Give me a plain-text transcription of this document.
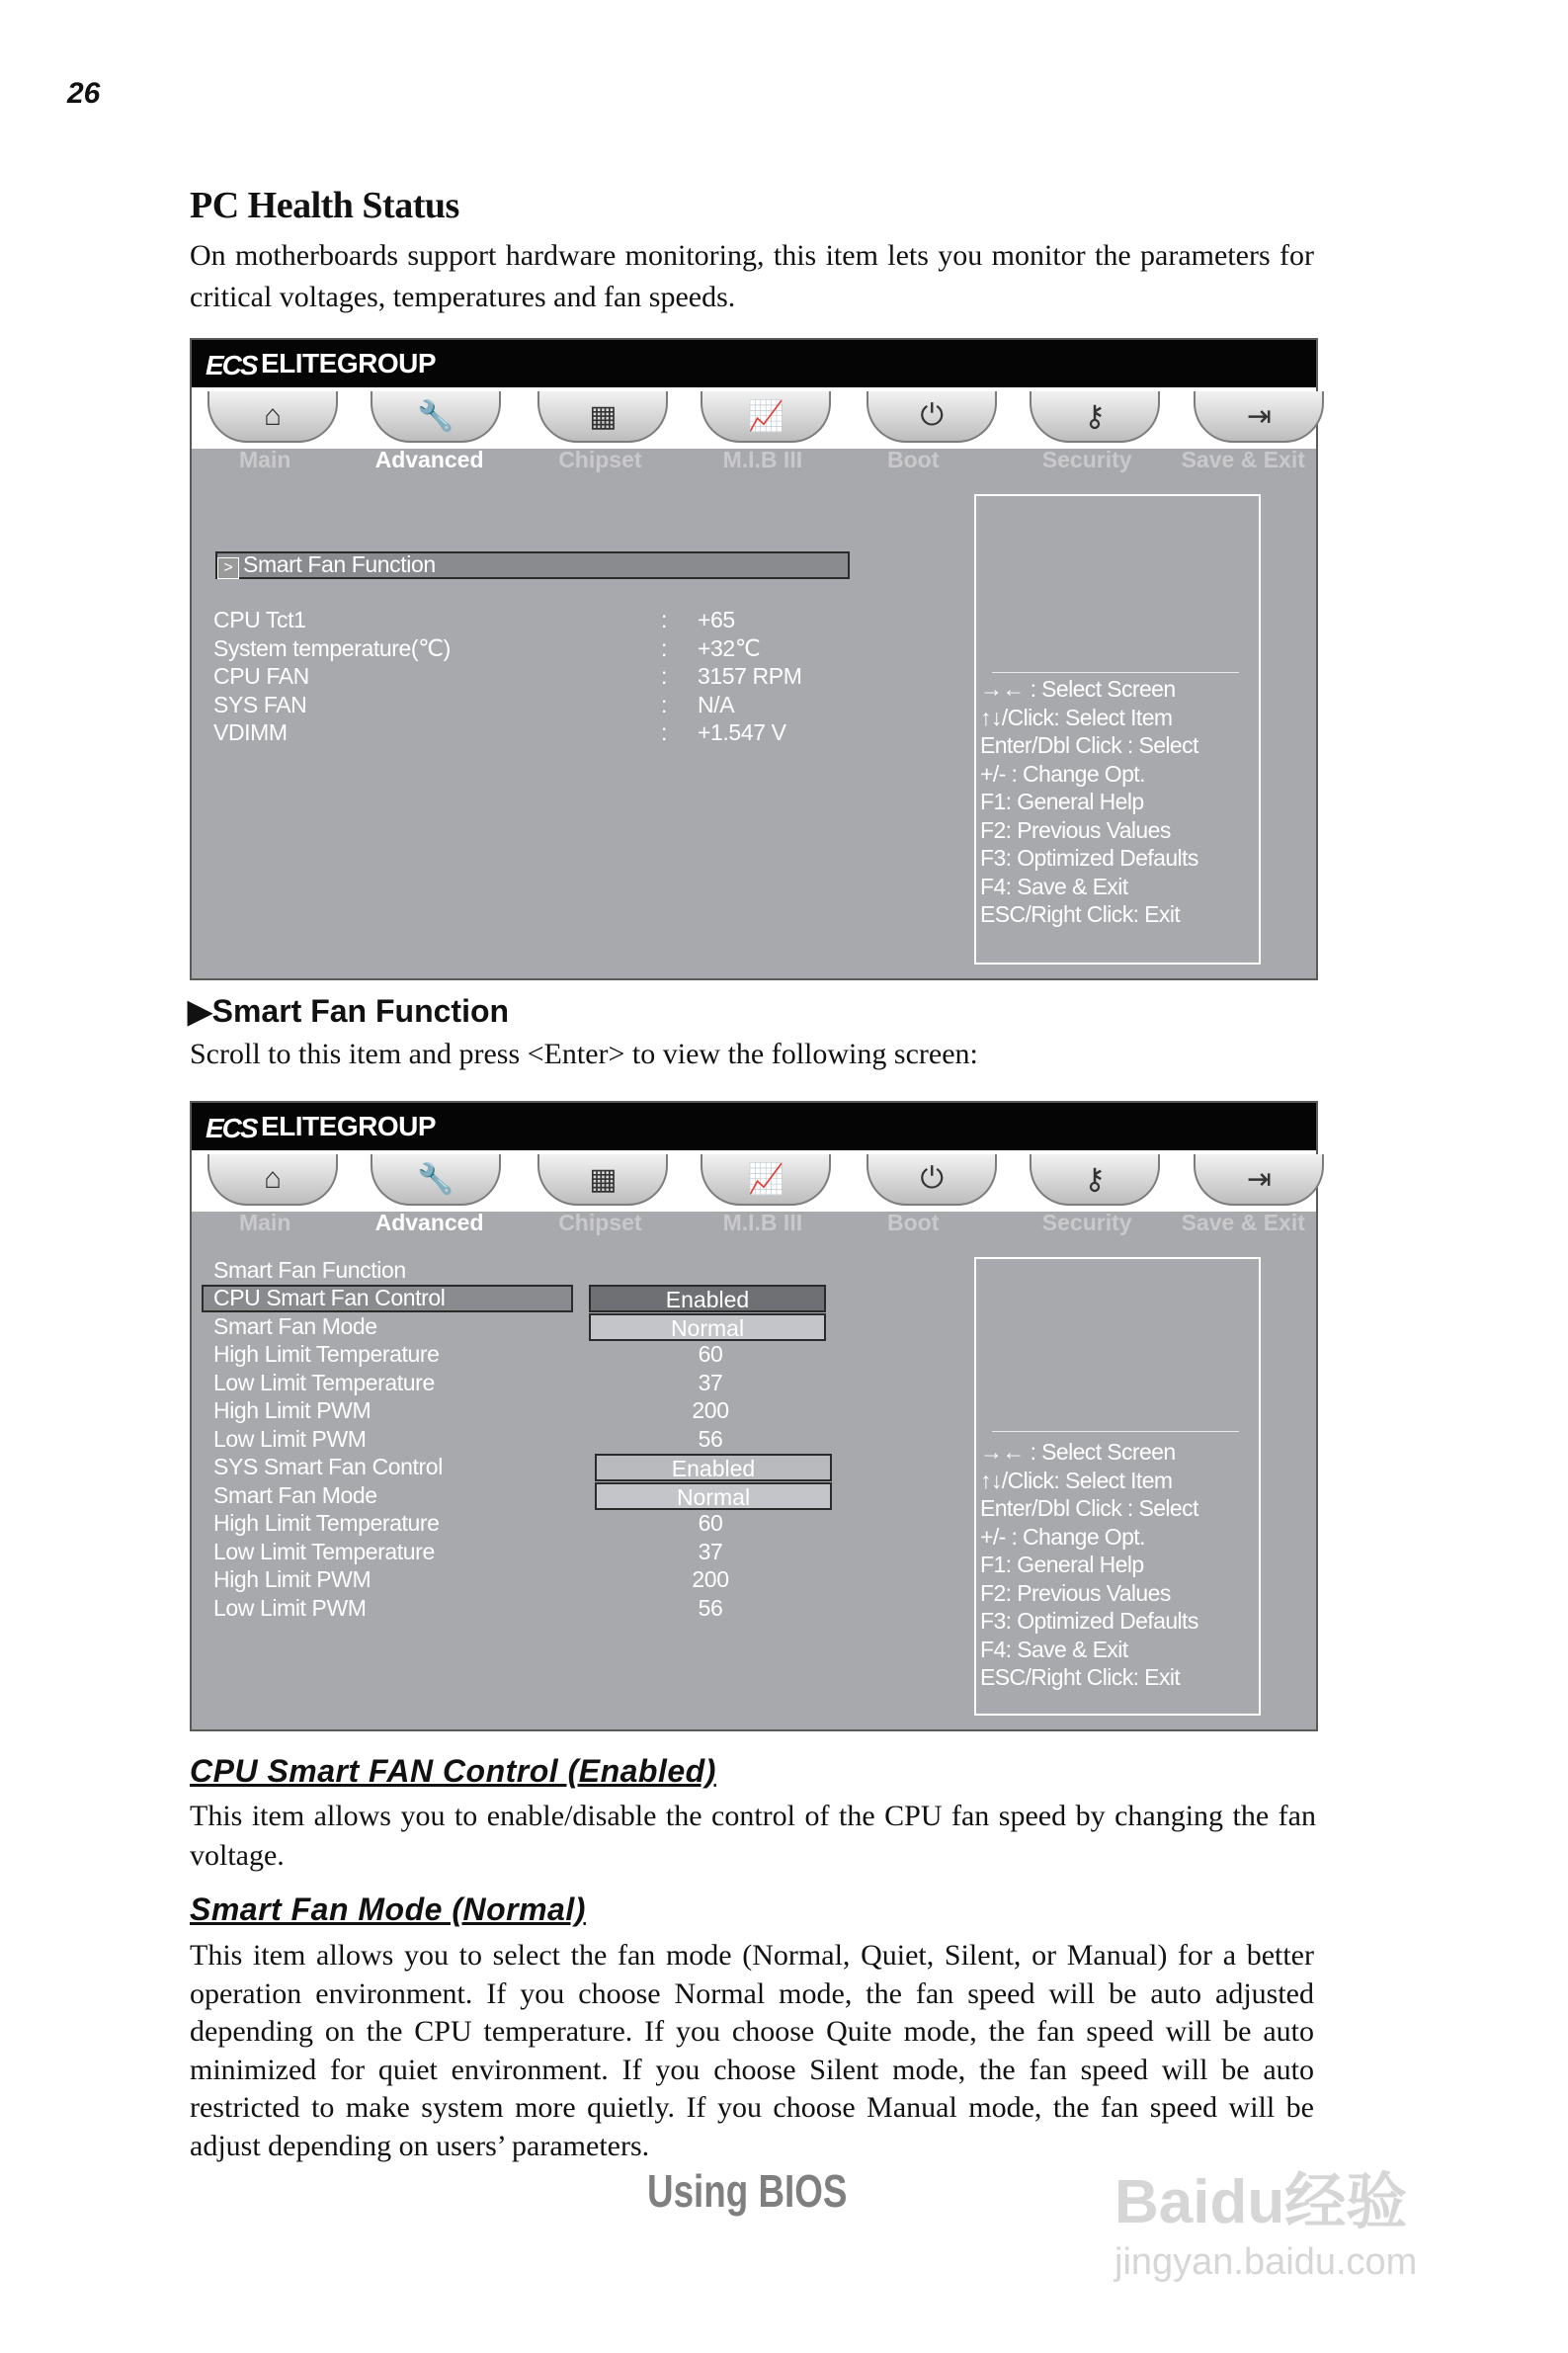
26
PC Health Status
On motherboards support hardware monitoring, this item lets you monitor the parameters for critical voltages, temperatures and fan speeds.
ECS ELITEGROUP
⌂	🔧	▦	📈	⏻	⚷	⇥
Main	Advanced	Chipset	M.I.B III	Boot	Security Save & Exit
> Smart Fan Function
CPU Tct1	: +65
System temperature(℃)	: +32℃
CPU FAN	: 3157 RPM
SYS FAN	: N/A
VDIMM	: +1.547 V
→← : Select Screen
↑↓/Click: Select Item
Enter/Dbl Click : Select
+/- : Change Opt.
F1: General Help
F2: Previous Values
F3: Optimized Defaults
F4: Save & Exit
ESC/Right Click: Exit
▶Smart Fan Function
Scroll to this item and press <Enter> to view the following screen:
ECS ELITEGROUP
⌂	🔧	▦	📈	⏻	⚷	⇥
Main	Advanced	Chipset	M.I.B III	Boot	Security Save & Exit
Smart Fan Function
CPU Smart Fan Control	Enabled
Smart Fan Mode	Normal
High Limit Temperature	60
Low Limit Temperature	37
High Limit PWM	200
Low Limit PWM	56
SYS Smart Fan Control	Enabled
Smart Fan Mode	Normal
High Limit Temperature	60
Low Limit Temperature	37
High Limit PWM	200
Low Limit PWM	56
→← : Select Screen
↑↓/Click: Select Item
Enter/Dbl Click : Select
+/- : Change Opt.
F1: General Help
F2: Previous Values
F3: Optimized Defaults
F4: Save & Exit
ESC/Right Click: Exit
CPU Smart FAN Control (Enabled)
This item allows you to enable/disable the control of the CPU fan speed by changing the fan voltage.
Smart Fan Mode (Normal)
This item allows you to select the fan mode (Normal, Quiet, Silent, or Manual) for a better operation environment. If you choose Normal mode, the fan speed will be auto adjusted depending on the CPU temperature. If you choose Quite mode, the fan speed will be auto minimized for quiet environment. If you choose Silent mode, the fan speed will be auto restricted to make system more quietly. If you choose Manual mode, the fan speed will be adjust depending on users’ parameters.
Using BIOS	Baidu经验
jingyan.baidu.com
